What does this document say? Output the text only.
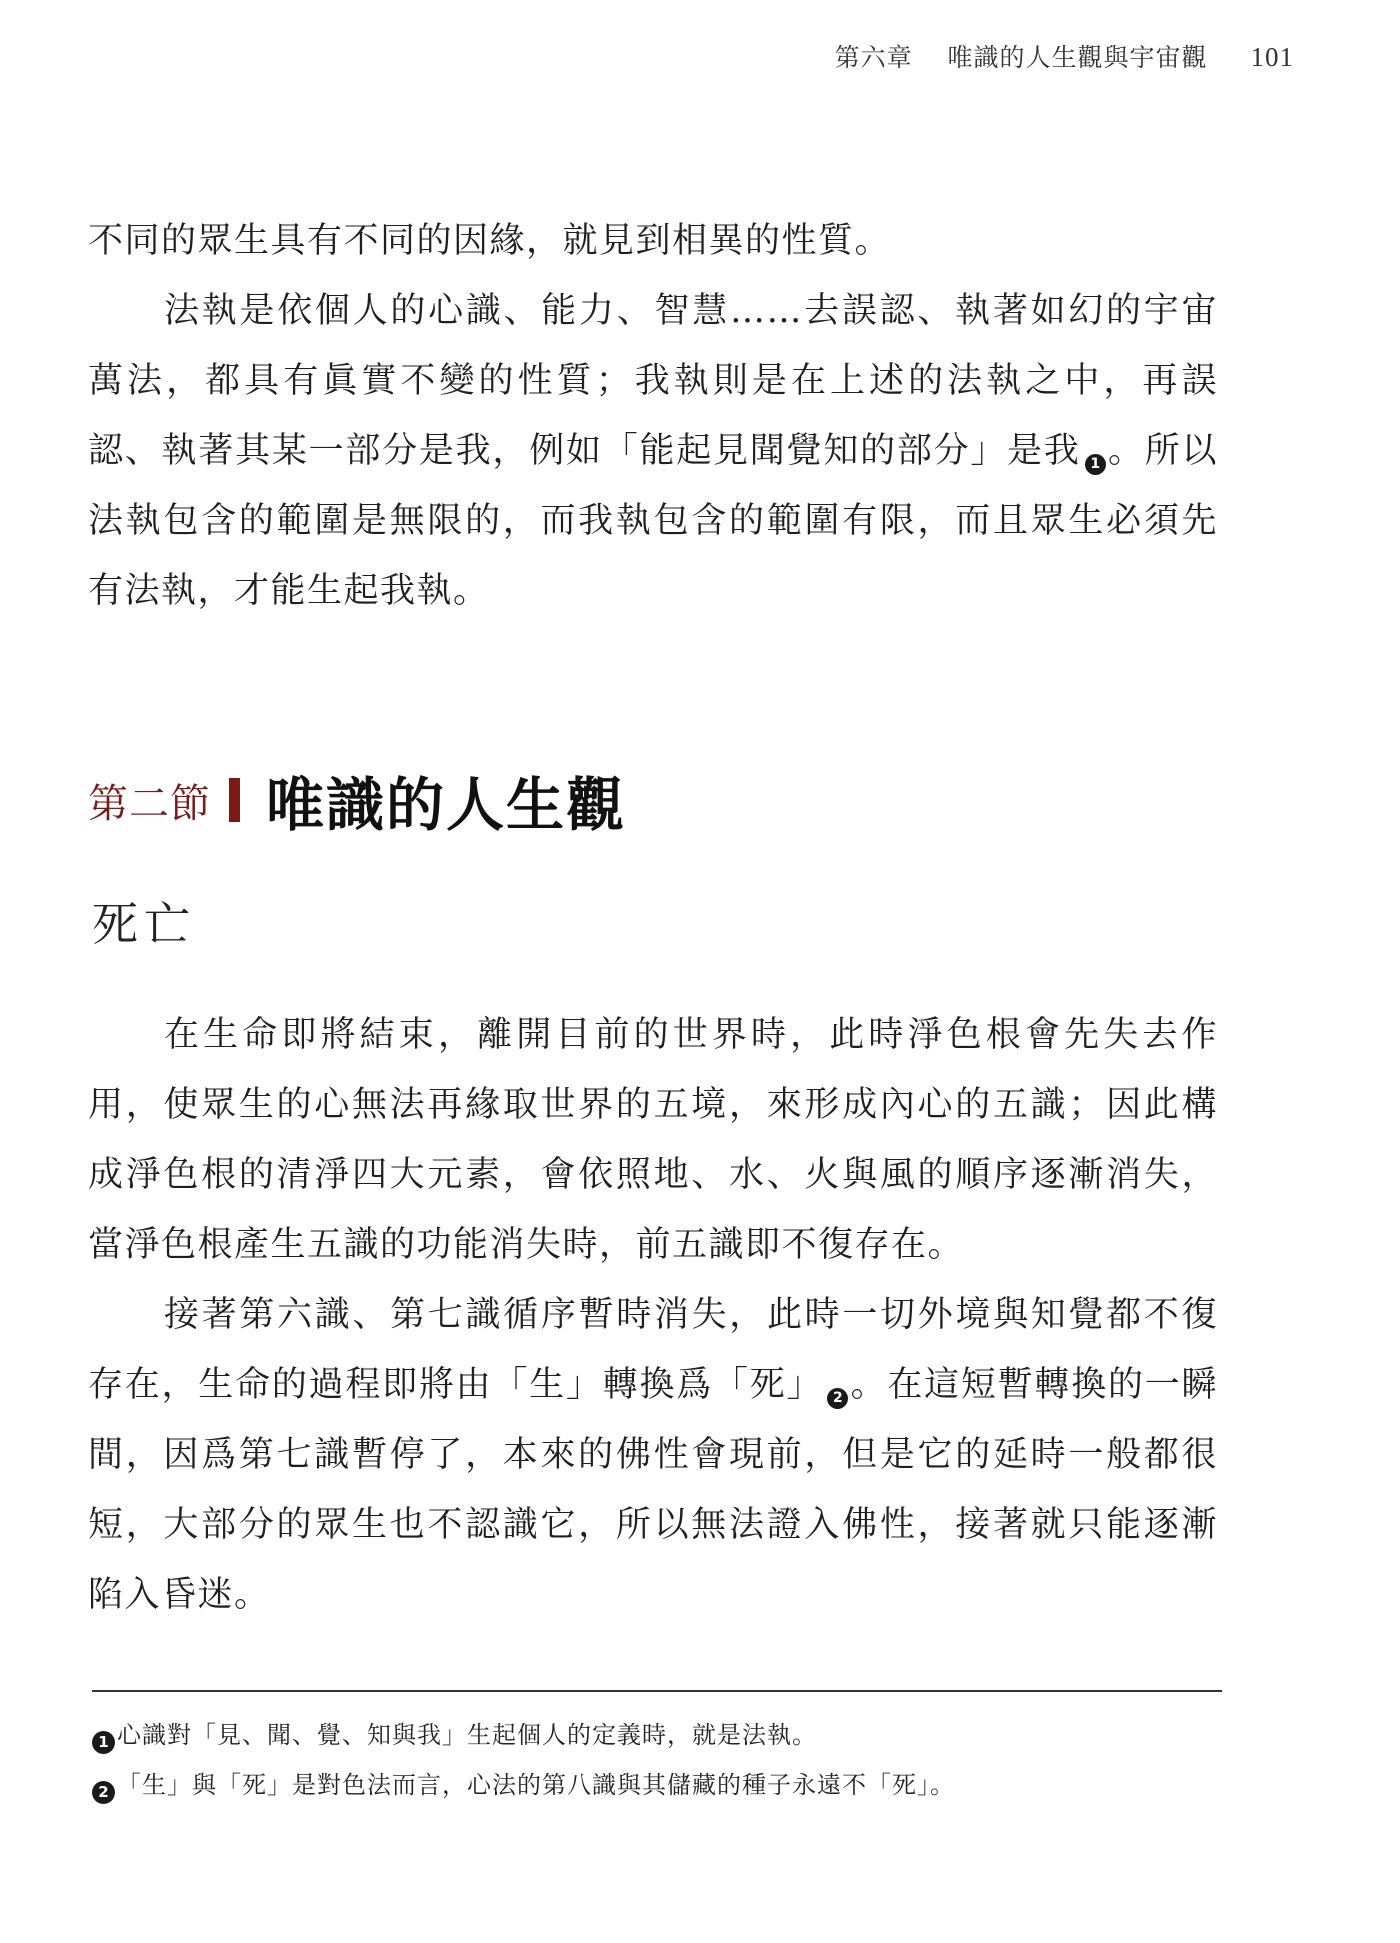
第六章 唯識的人生觀與宇宙觀 101

不同的眾生具有不同的因緣，就見到相異的性質。

法執是依個人的心識、能力、智慧……去誤認、執著如幻的宇宙萬法，都具有眞實不變的性質；我執則是在上述的法執之中，再誤認、執著其某一部分是我，例如「能起見聞覺知的部分」是我 1 。所以法執包含的範圍是無限的，而我執包含的範圍有限，而且眾生必須先有法執，才能生起我執。

第二節 唯識的人生觀
死亡

在生命即將結束，離開目前的世界時，此時淨色根會先失去作用，使眾生的心無法再緣取世界的五境，來形成內心的五識；因此構成淨色根的清淨四大元素，會依照地、水、火與風的順序逐漸消失，當淨色根產生五識的功能消失時，前五識即不復存在。

接著第六識、第七識循序暫時消失，此時一切外境與知覺都不復存在，生命的過程即將由「生」轉換爲「死」 2 。在這短暫轉換的一瞬間，因爲第七識暫停了，本來的佛性會現前，但是它的延時一般都很短，大部分的眾生也不認識它，所以無法證入佛性，接著就只能逐漸陷入昏迷。

1 心識對「見、聞、覺、知與我」生起個人的定義時，就是法執。
2 「生」與「死」是對色法而言，心法的第八識與其儲藏的種子永遠不「死」。
